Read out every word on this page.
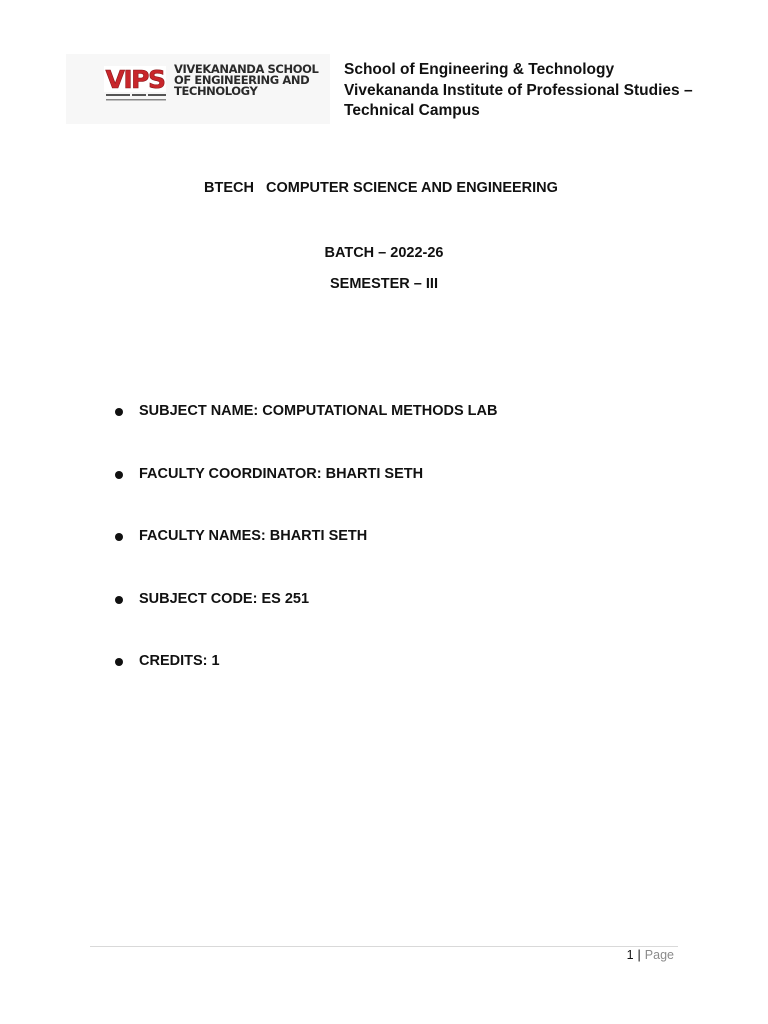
VIPS VIVEKANANDA SCHOOL
OF ENGINEERING AND
TECHNOLOGY
School of Engineering & Technology
Vivekananda Institute of Professional Studies –
Technical Campus
BTECH   COMPUTER SCIENCE AND ENGINEERING
BATCH – 2022-26
SEMESTER – III
SUBJECT NAME: COMPUTATIONAL METHODS LAB
FACULTY COORDINATOR: BHARTI SETH
FACULTY NAMES: BHARTI SETH
SUBJECT CODE: ES 251
CREDITS: 1
1 | Page
